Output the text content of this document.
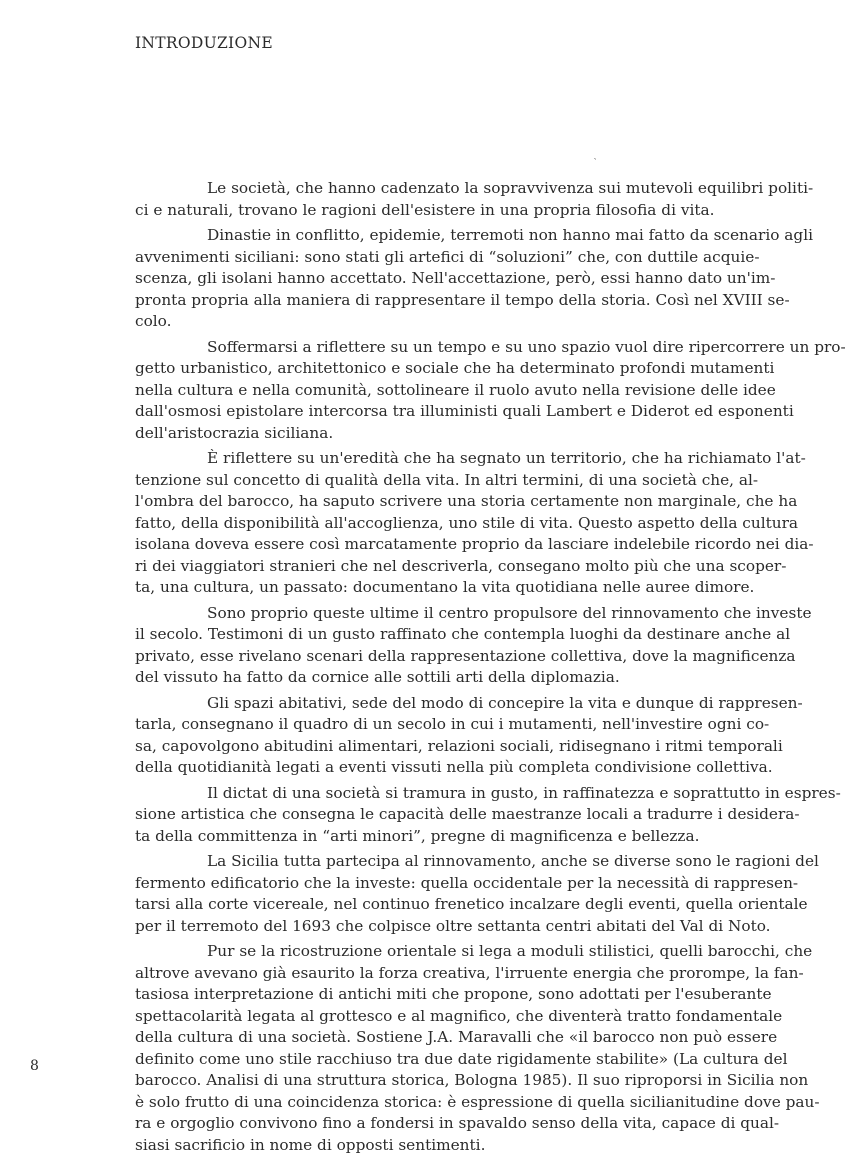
INTRODUZIONE
‵

Le società, che hanno cadenzato la sopravvivenza sui mutevoli equilibri politi-
ci e naturali, trovano le ragioni dell'esistere in una propria filosofia di vita.

Dinastie in conflitto, epidemie, terremoti non hanno mai fatto da scenario agli
avvenimenti siciliani: sono stati gli artefici di “soluzioni” che, con duttile acquie-
scenza, gli isolani hanno accettato. Nell'accettazione, però, essi hanno dato un'im-
pronta propria alla maniera di rappresentare il tempo della storia. Così nel XVIII se-
colo.

Soffermarsi a riflettere su un tempo e su uno spazio vuol dire ripercorrere un pro-
getto urbanistico, architettonico e sociale che ha determinato profondi mutamenti
nella cultura e nella comunità, sottolineare il ruolo avuto nella revisione delle idee
dall'osmosi epistolare intercorsa tra illuministi quali Lambert e Diderot ed esponenti
dell'aristocrazia siciliana.

È riflettere su un'eredità che ha segnato un territorio, che ha richiamato l'at-
tenzione sul concetto di qualità della vita. In altri termini, di una società che, al-
l'ombra del barocco, ha saputo scrivere una storia certamente non marginale, che ha
fatto, della disponibilità all'accoglienza, uno stile di vita. Questo aspetto della cultura
isolana doveva essere così marcatamente proprio da lasciare indelebile ricordo nei dia-
ri dei viaggiatori stranieri che nel descriverla, consegano molto più che una scoper-
ta, una cultura, un passato: documentano la vita quotidiana nelle auree dimore.

Sono proprio queste ultime il centro propulsore del rinnovamento che investe
il secolo. Testimoni di un gusto raffinato che contempla luoghi da destinare anche al
privato, esse rivelano scenari della rappresentazione collettiva, dove la magnificenza
del vissuto ha fatto da cornice alle sottili arti della diplomazia.

Gli spazi abitativi, sede del modo di concepire la vita e dunque di rappresen-
tarla, consegnano il quadro di un secolo in cui i mutamenti, nell'investire ogni co-
sa, capovolgono abitudini alimentari, relazioni sociali, ridisegnano i ritmi temporali
della quotidianità legati a eventi vissuti nella più completa condivisione collettiva.

Il dictat di una società si tramura in gusto, in raffinatezza e soprattutto in espres-
sione artistica che consegna le capacità delle maestranze locali a tradurre i desidera-
ta della committenza in “arti minori”, pregne di magnificenza e bellezza.

La Sicilia tutta partecipa al rinnovamento, anche se diverse sono le ragioni del
fermento edificatorio che la investe: quella occidentale per la necessità di rappresen-
tarsi alla corte vicereale, nel continuo frenetico incalzare degli eventi, quella orientale
per il terremoto del 1693 che colpisce oltre settanta centri abitati del Val di Noto.

Pur se la ricostruzione orientale si lega a moduli stilistici, quelli barocchi, che
altrove avevano già esaurito la forza creativa, l'irruente energia che prorompe, la fan-
tasiosa interpretazione di antichi miti che propone, sono adottati per l'esuberante
spettacolarità legata al grottesco e al magnifico, che diventerà tratto fondamentale
della cultura di una società. Sostiene J.A. Maravalli che «il barocco non può essere
definito come uno stile racchiuso tra due date rigidamente stabilite» (La cultura del
barocco. Analisi di una struttura storica, Bologna 1985). Il suo riproporsi in Sicilia non
è solo frutto di una coincidenza storica: è espressione di quella sicilianitudine dove pau-
ra e orgoglio convivono fino a fondersi in spavaldo senso della vita, capace di qual-
siasi sacrificio in nome di opposti sentimenti.

8
